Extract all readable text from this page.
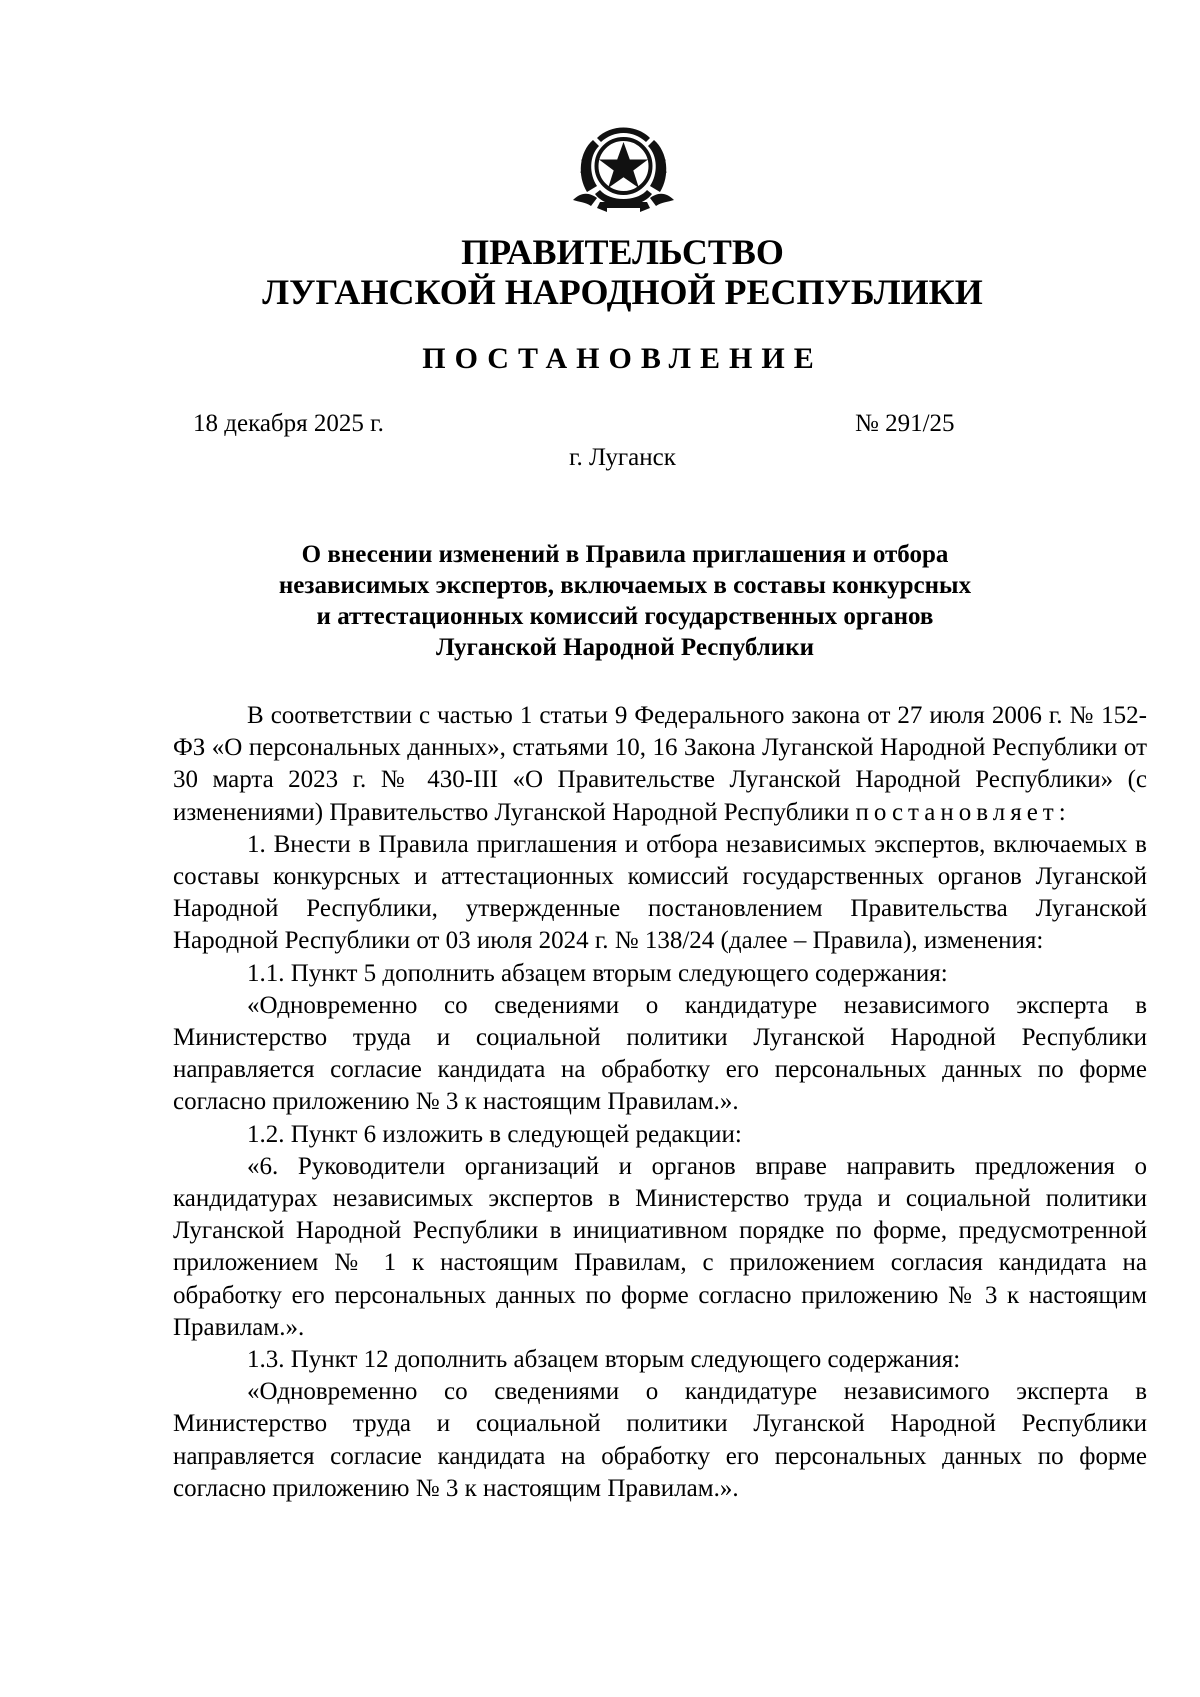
ПРАВИТЕЛЬСТВО
ЛУГАНСКОЙ НАРОДНОЙ РЕСПУБЛИКИ
ПОСТАНОВЛЕНИЕ
18 декабря 2025 г.	№ 291/25
г. Луганск
О внесении изменений в Правила приглашения и отбора
независимых экспертов, включаемых в составы конкурсных
и аттестационных комиссий государственных органов
Луганской Народной Республики

В соответствии с частью 1 статьи 9 Федерального закона от 27 июля 2006 г. № 152-ФЗ «О персональных данных», статьями 10, 16 Закона Луганской Народной Республики от 30 марта 2023 г. № 430-III «О Правительстве Луганской Народной Республики» (с изменениями) Правительство Луганской Народной Республики постановляет:

1. Внести в Правила приглашения и отбора независимых экспертов, включаемых в составы конкурсных и аттестационных комиссий государственных органов Луганской Народной Республики, утвержденные постановлением Правительства Луганской Народной Республики от 03 июля 2024 г. № 138/24 (далее – Правила), изменения:

1.1. Пункт 5 дополнить абзацем вторым следующего содержания:

«Одновременно со сведениями о кандидатуре независимого эксперта в Министерство труда и социальной политики Луганской Народной Республики направляется согласие кандидата на обработку его персональных данных по форме согласно приложению № 3 к настоящим Правилам.».

1.2. Пункт 6 изложить в следующей редакции:

«6. Руководители организаций и органов вправе направить предложения о кандидатурах независимых экспертов в Министерство труда и социальной политики Луганской Народной Республики в инициативном порядке по форме, предусмотренной приложением № 1 к настоящим Правилам, с приложением согласия кандидата на обработку его персональных данных по форме согласно приложению № 3 к настоящим Правилам.».

1.3. Пункт 12 дополнить абзацем вторым следующего содержания:

«Одновременно со сведениями о кандидатуре независимого эксперта в Министерство труда и социальной политики Луганской Народной Республики направляется согласие кандидата на обработку его персональных данных по форме согласно приложению № 3 к настоящим Правилам.».
